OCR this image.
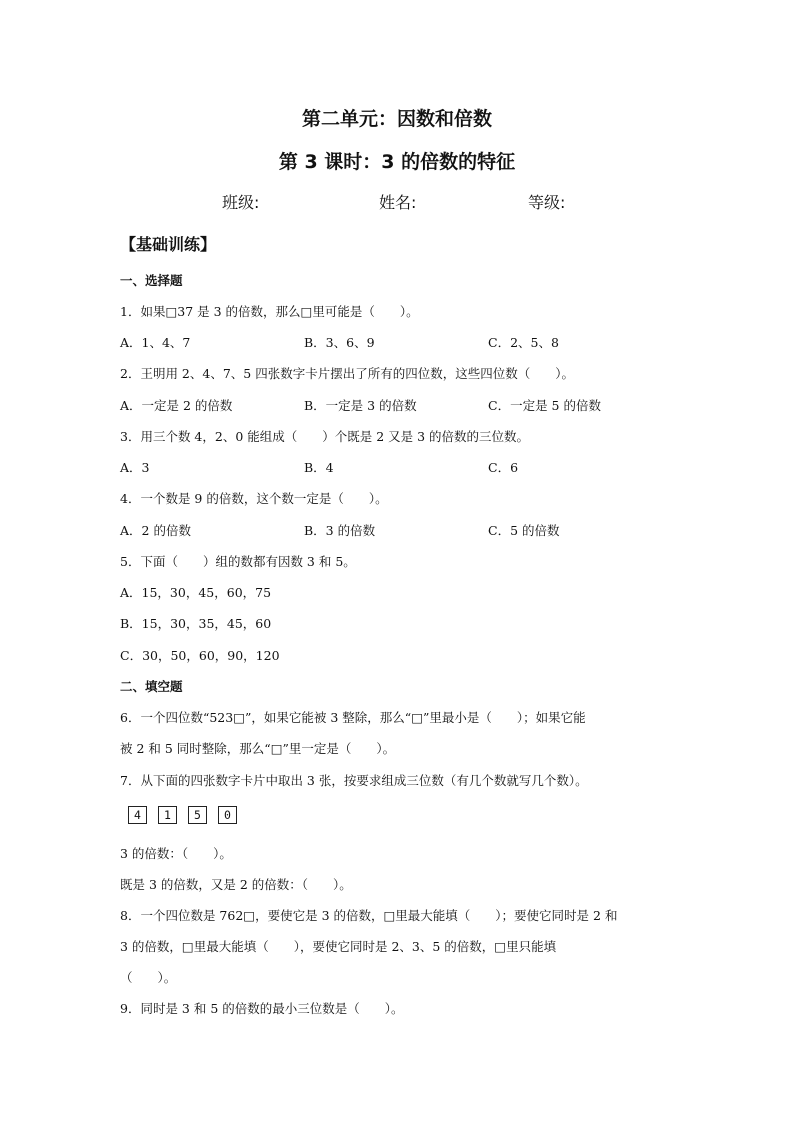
第二单元：因数和倍数
第 3 课时：3 的倍数的特征
班级:	姓名:	等级:
【基础训练】
一、选择题
1．如果□37 是 3 的倍数，那么□里可能是（　　）。
A．1、4、7	B．3、6、9	C．2、5、8
2．王明用 2、4、7、5 四张数字卡片摆出了所有的四位数，这些四位数（　　）。
A．一定是 2 的倍数	B．一定是 3 的倍数	C．一定是 5 的倍数
3．用三个数 4，2、0 能组成（　　）个既是 2 又是 3 的倍数的三位数。
A．3	B．4	C．6
4．一个数是 9 的倍数，这个数一定是（　　）。
A．2 的倍数	B．3 的倍数	C．5 的倍数
5．下面（　　）组的数都有因数 3 和 5。
A．15，30，45，60，75
B．15，30，35，45，60
C．30，50，60，90，120
二、填空题
6．一个四位数“523□”，如果它能被 3 整除，那么“□”里最小是（　　）；如果它能
被 2 和 5 同时整除，那么“□”里一定是（　　）。
7．从下面的四张数字卡片中取出 3 张，按要求组成三位数（有几个数就写几个数）。
4	1	5	0
3 的倍数：（　　）。
既是 3 的倍数，又是 2 的倍数：（　　）。
8．一个四位数是 762□，要使它是 3 的倍数，□里最大能填（　　）；要使它同时是 2 和
3 的倍数，□里最大能填（　　），要使它同时是 2、3、5 的倍数，□里只能填
（　　）。
9．同时是 3 和 5 的倍数的最小三位数是（　　）。
